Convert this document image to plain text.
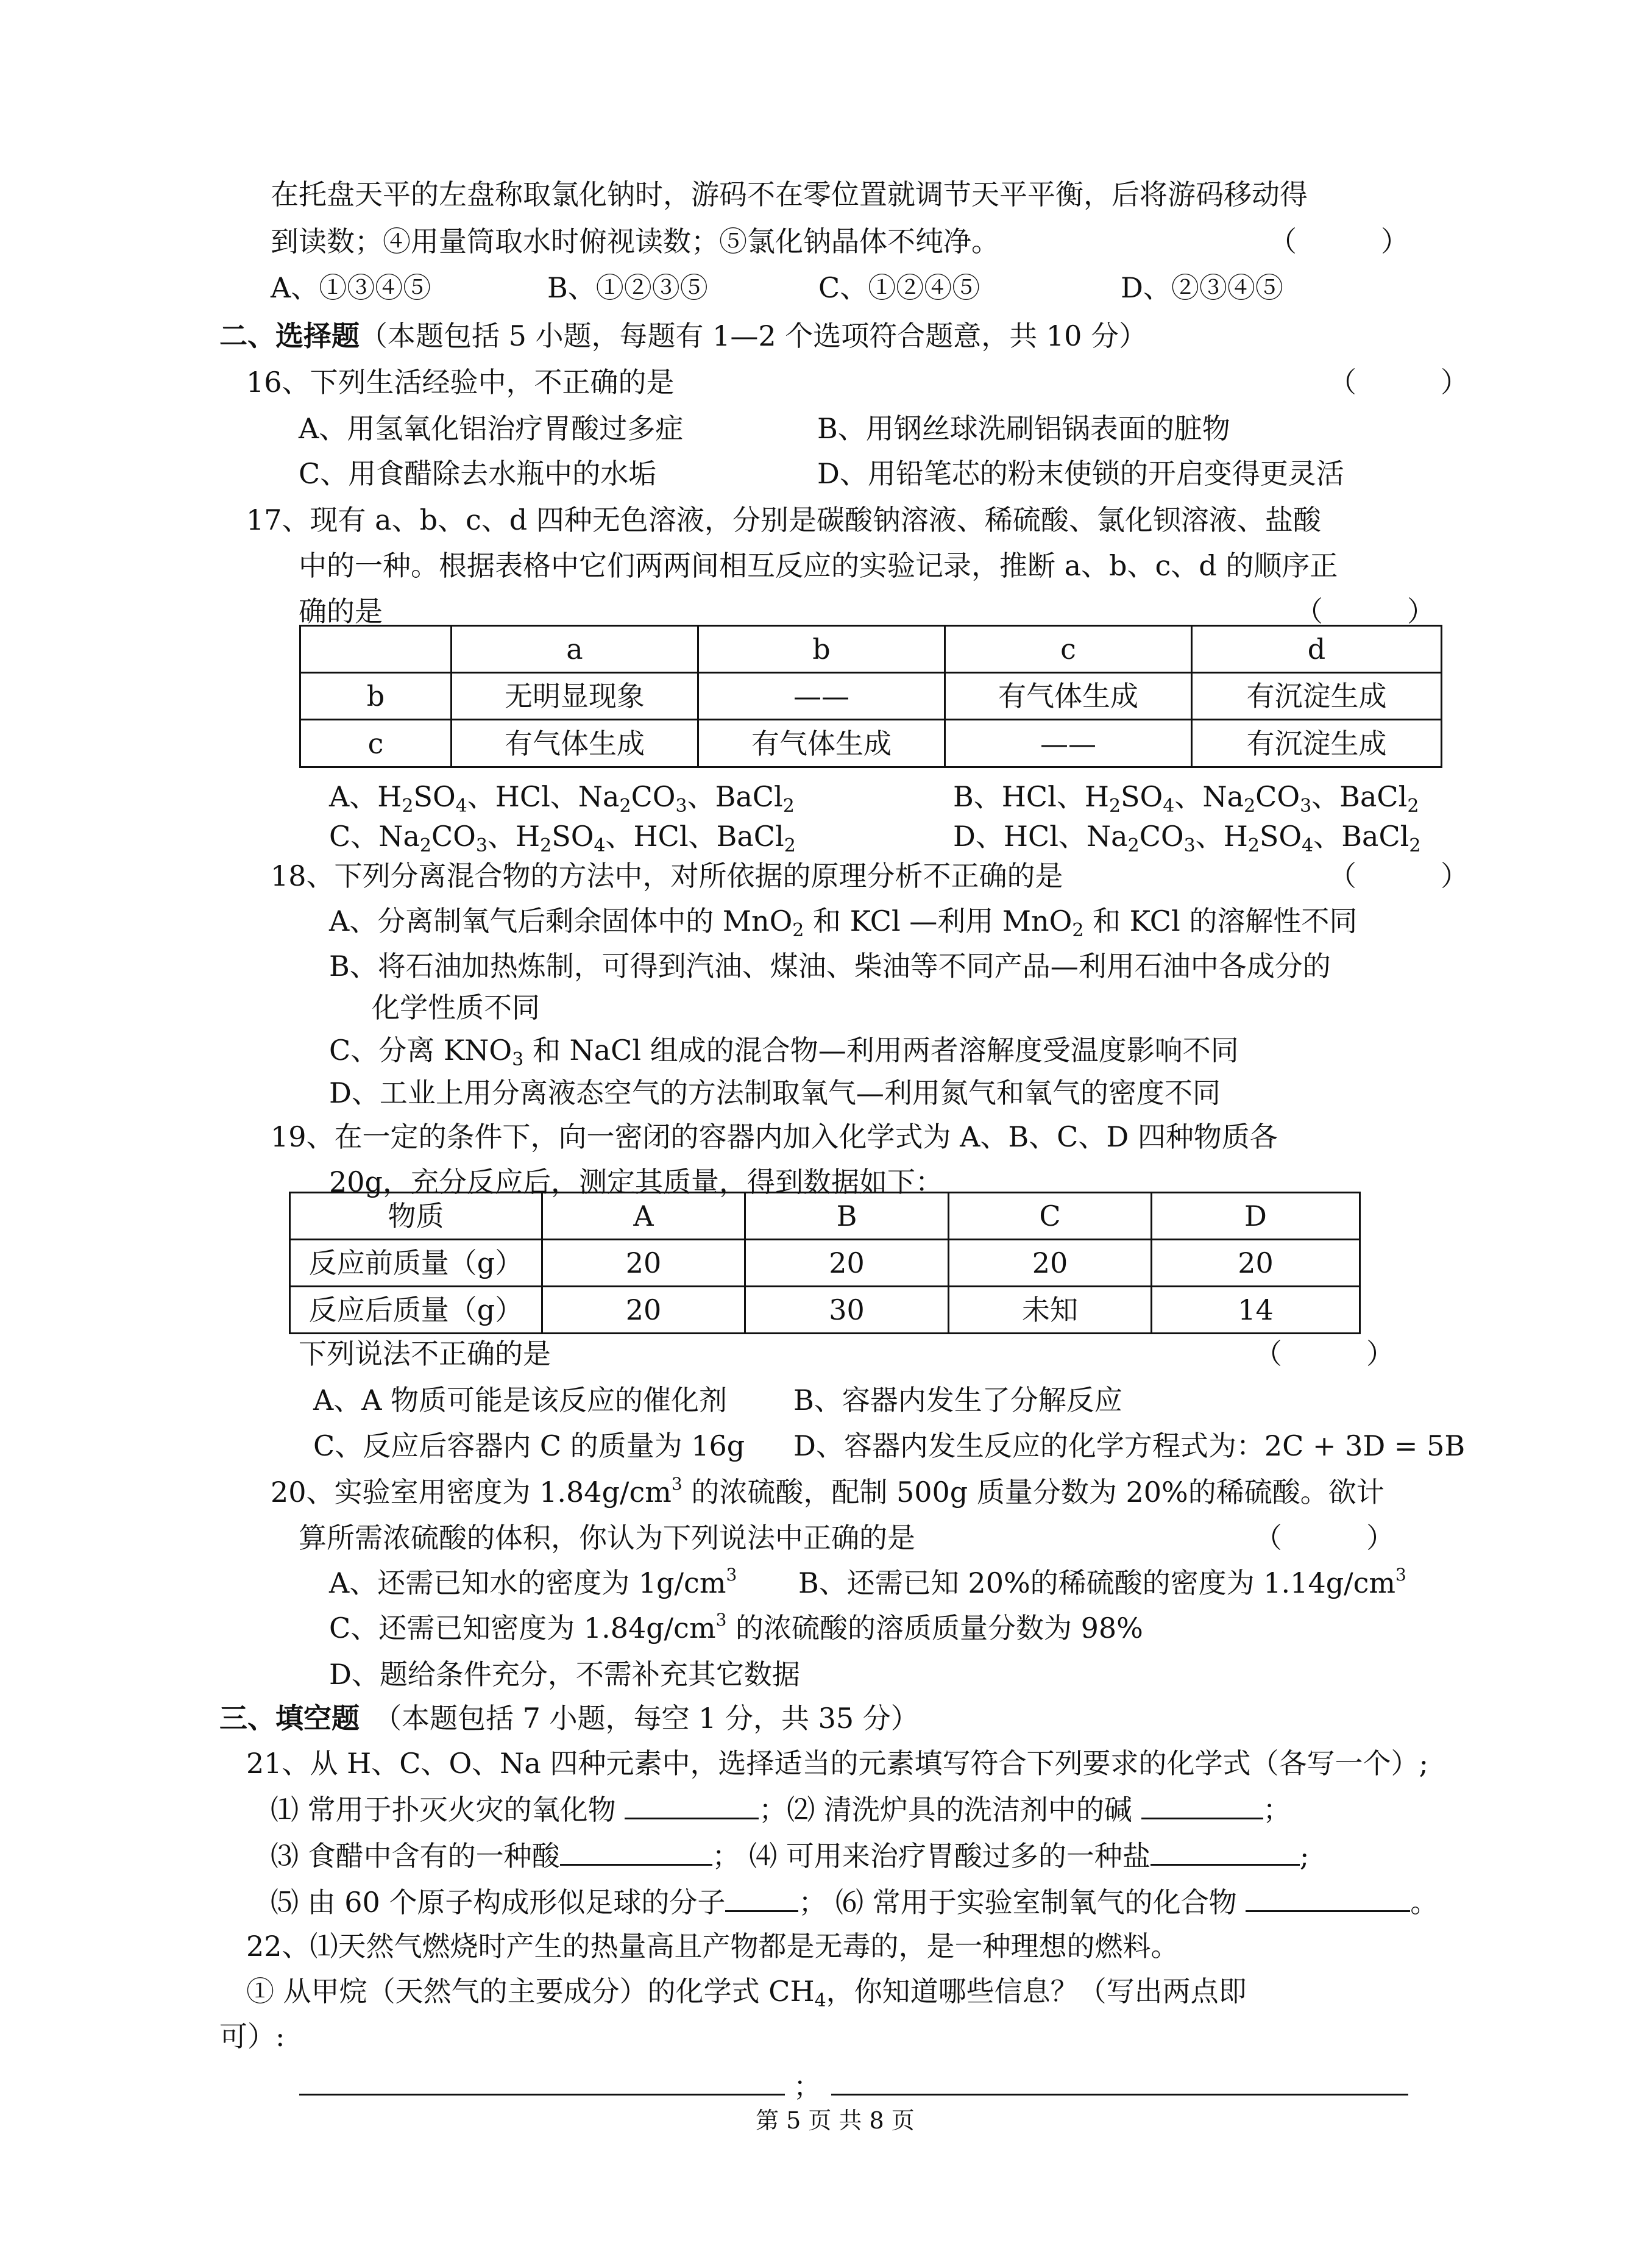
在托盘天平的左盘称取氯化钠时，游码不在零位置就调节天平平衡，后将游码移动得
到读数；④用量筒取水时俯视读数；⑤氯化钠晶体不纯净。	（　　　）
A、①③④⑤	B、①②③⑤	C、①②④⑤	D、②③④⑤
二、选择题（本题包括 5 小题，每题有 1—2 个选项符合题意，共 10 分）
16、下列生活经验中，不正确的是	（　　　）
A、用氢氧化铝治疗胃酸过多症	B、用钢丝球洗刷铝锅表面的脏物
C、用食醋除去水瓶中的水垢	D、用铅笔芯的粉末使锁的开启变得更灵活
17、现有 a、b、c、d 四种无色溶液，分别是碳酸钠溶液、稀硫酸、氯化钡溶液、盐酸
中的一种。根据表格中它们两两间相互反应的实验记录，推断 a、b、c、d 的顺序正
确的是	（　　　）
	a	b	c	d
b	无明显现象	——	有气体生成	有沉淀生成
c	有气体生成	有气体生成	——	有沉淀生成
A、$H_2SO_4$、HCl、$Na_2CO_3$、BaCl$_2$	B、HCl、$H_2SO_4$、$Na_2CO_3$、BaCl$_2$
C、$Na_2CO_3$、$H_2SO_4$、HCl、BaCl$_2$	D、HCl、$Na_2CO_3$、$H_2SO_4$、BaCl$_2$
18、下列分离混合物的方法中，对所依据的原理分析不正确的是	（　　　）
A、分离制氧气后剩余固体中的 MnO$_2$ 和 KCl —利用 MnO$_2$ 和 KCl 的溶解性不同
B、将石油加热炼制，可得到汽油、煤油、柴油等不同产品—利用石油中各成分的
化学性质不同
C、分离 $KNO_3$ 和 NaCl 组成的混合物—利用两者溶解度受温度影响不同
D、工业上用分离液态空气的方法制取氧气—利用氮气和氧气的密度不同
19、在一定的条件下，向一密闭的容器内加入化学式为 A、B、C、D 四种物质各
20g，充分反应后，测定其质量，得到数据如下：
物质	A	B	C	D
反应前质量（g）	20	20	20	20
反应后质量（g）	20	30	未知	14
下列说法不正确的是	（　　　）
A、A 物质可能是该反应的催化剂 B、容器内发生了分解反应
C、反应后容器内 C 的质量为 16g D、容器内发生反应的化学方程式为：2C + 3D = 5B
20、实验室用密度为 $1.84g/cm^3$ 的浓硫酸，配制 500g 质量分数为 20%的稀硫酸。欲计
算所需浓硫酸的体积，你认为下列说法中正确的是	（　　　）
A、还需已知水的密度为 $1g/cm^3$ B、还需已知 20%的稀硫酸的密度为 $1.14g/cm^3$
C、还需已知密度为 $1.84g/cm^3$ 的浓硫酸的溶质质量分数为 98%
D、题给条件充分，不需补充其它数据
三、填空题　（本题包括 7 小题，每空 1 分，共 35 分）
21、从 H、C、O、Na 四种元素中，选择适当的元素填写符合下列要求的化学式（各写一个）;
⑴ 常用于扑灭火灾的氧化物	；⑵ 清洗炉具的洗洁剂中的碱	；
⑶ 食醋中含有的一种酸	； ⑷ 可用来治疗胃酸过多的一种盐	;
⑸ 由 60 个原子构成形似足球的分子	； ⑹ 常用于实验室制氧气的化合物	。
22、⑴天然气燃烧时产生的热量高且产物都是无毒的，是一种理想的燃料。
① 从甲烷（天然气的主要成分）的化学式 $CH_4$，你知道哪些信息？（写出两点即
可）:
；
第 5 页 共 8 页
